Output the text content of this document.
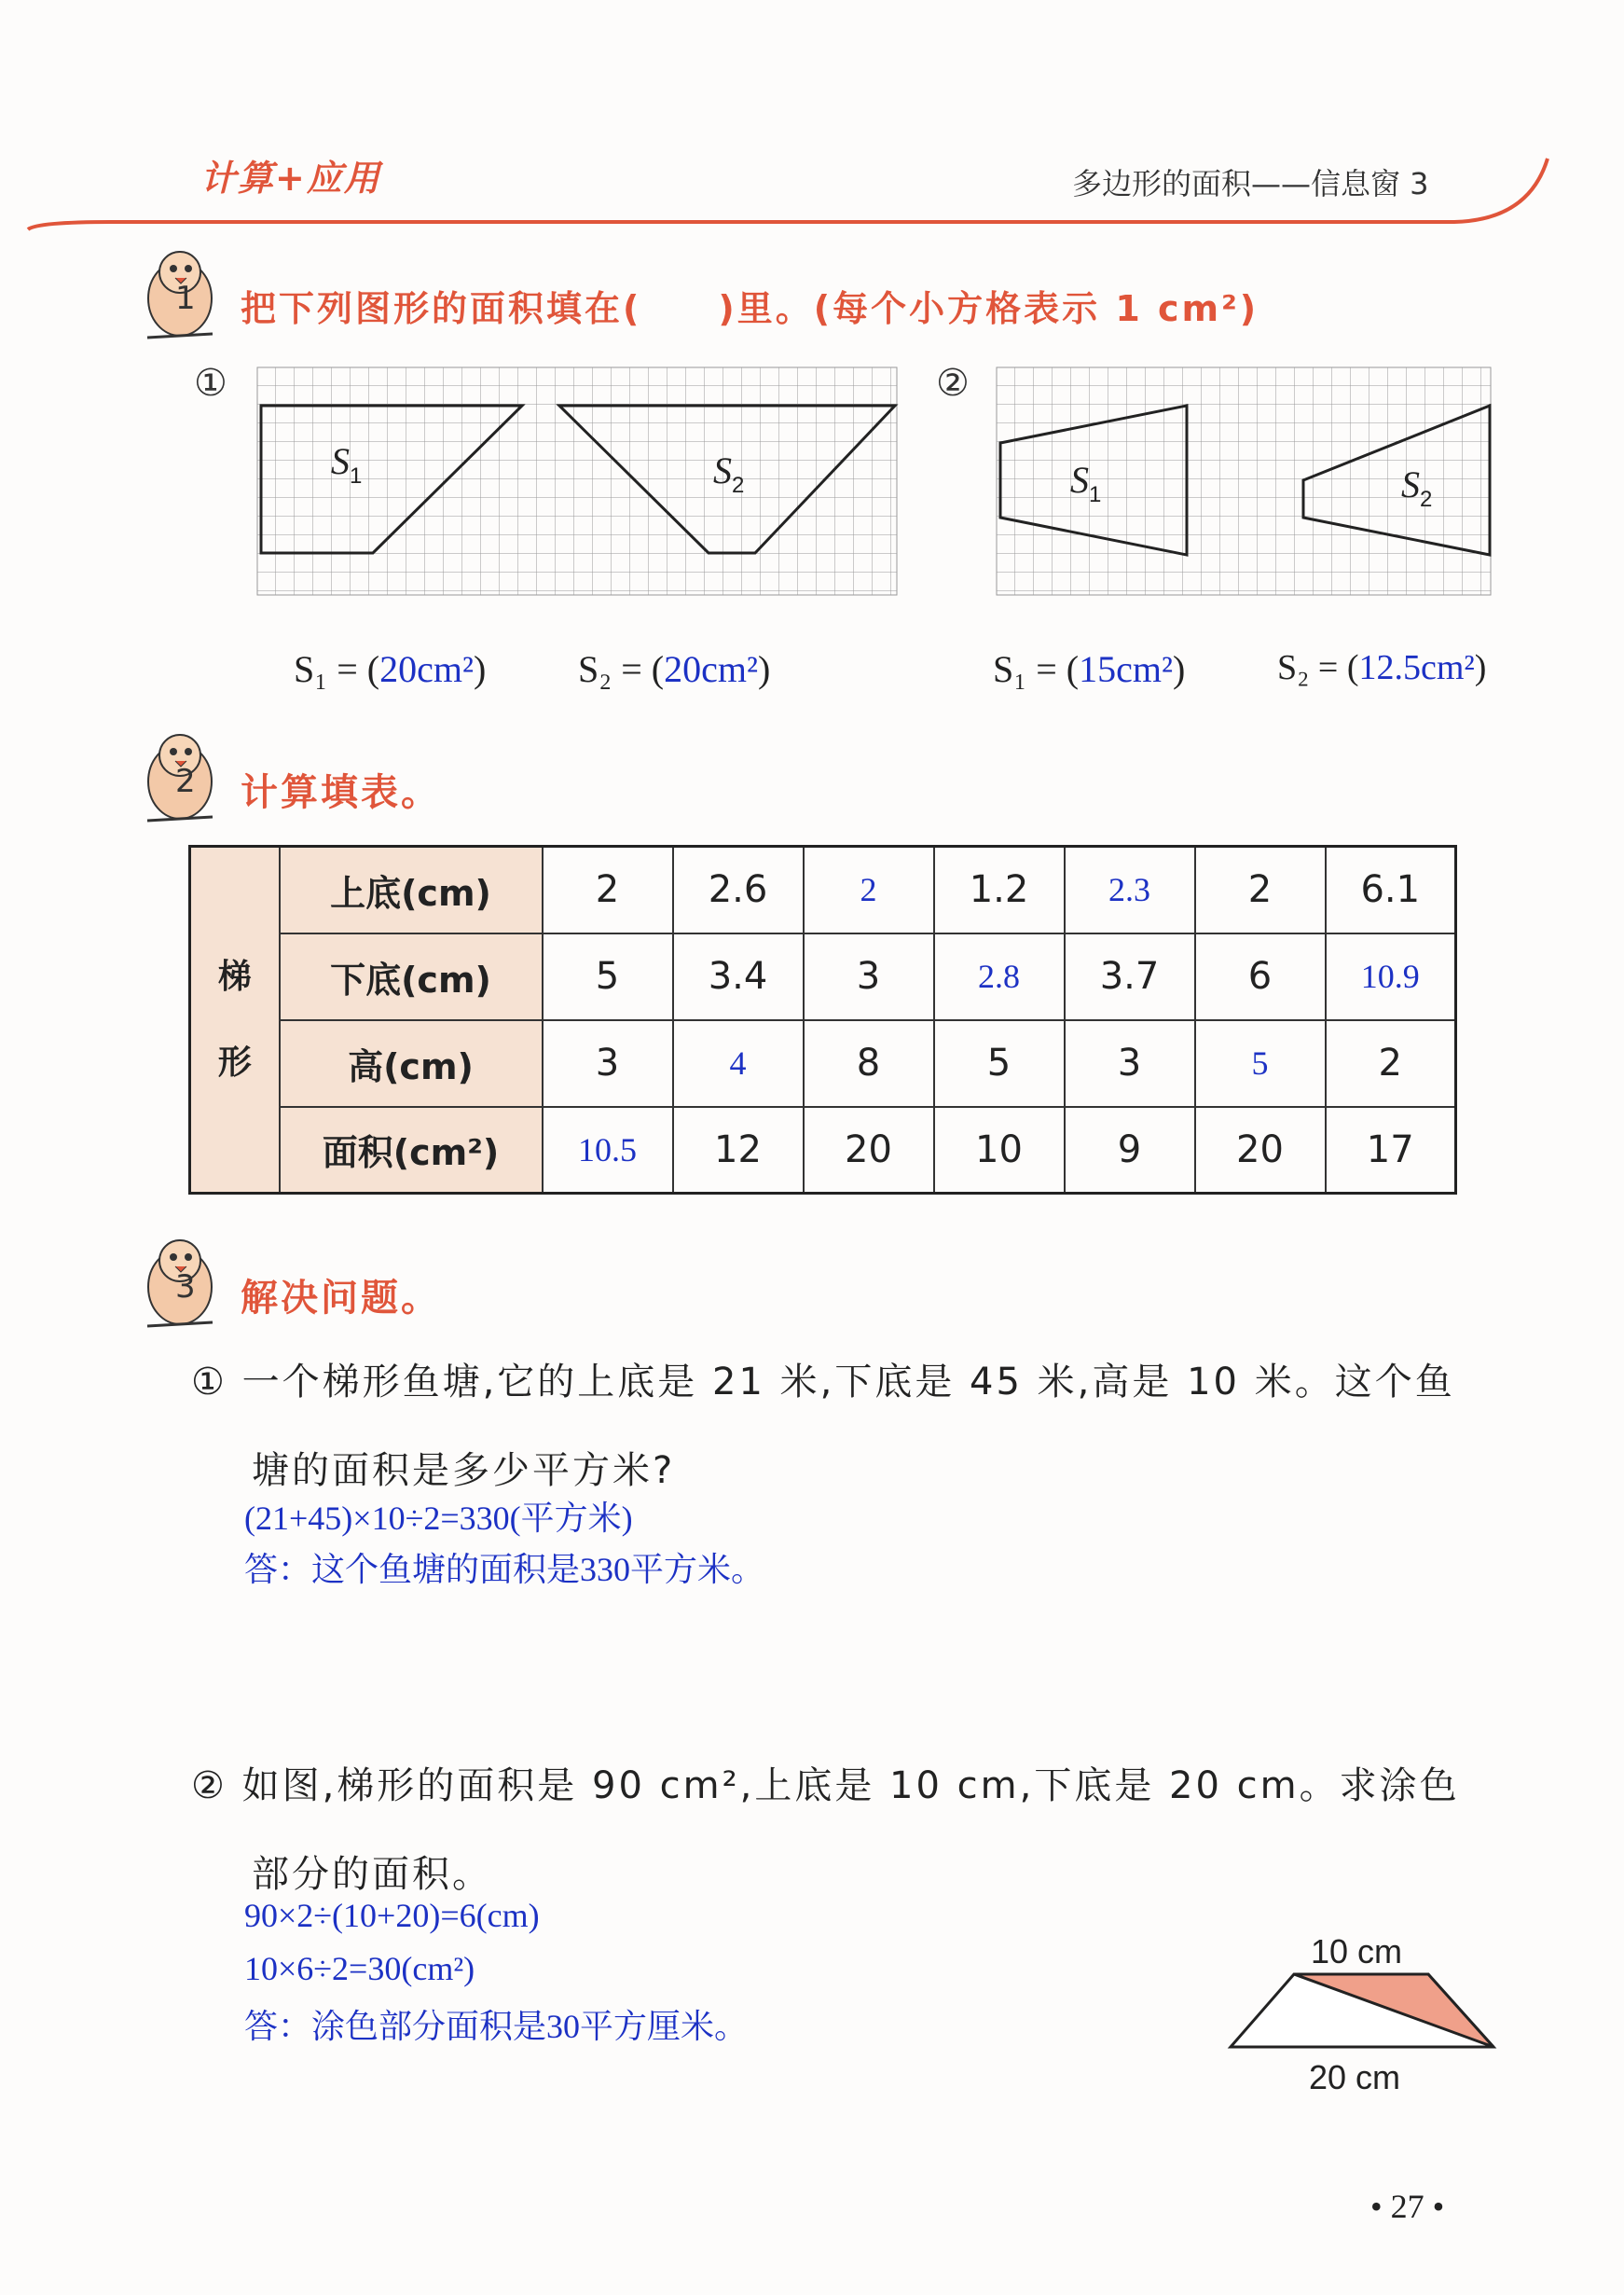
计算+应用	多边形的面积——信息窗 3
1 把下列图形的面积填在(　　)里。(每个小方格表示 1 cm²)
①	②
S 1	S 2	S 1	S 2
S₁ = (20cm²) S₂ = (20cm²)	S₁ = (15cm²)	S₂ = (12.5cm²)
2 计算填表。
梯
形	上底(cm)	2	2.6	2	1.2	2.3	2	6.1
	下底(cm)	5	3.4	3	2.8	3.7	6	10.9
	高(cm)	3	4	8	5	3	5	2
	面积(cm²)	10.5	12	20	10	9	20	17
3 解决问题。
① 一个梯形鱼塘,它的上底是 21 米,下底是 45 米,高是 10 米。这个鱼
塘的面积是多少平方米?
(21+45)×10÷2=330(平方米)
答：这个鱼塘的面积是330平方米。
② 如图,梯形的面积是 90 cm²,上底是 10 cm,下底是 20 cm。求涂色
部分的面积。
90×2÷(10+20)=6(cm)
10×6÷2=30(cm²)
答：涂色部分面积是30平方厘米。
10 cm
20 cm
• 27 •
